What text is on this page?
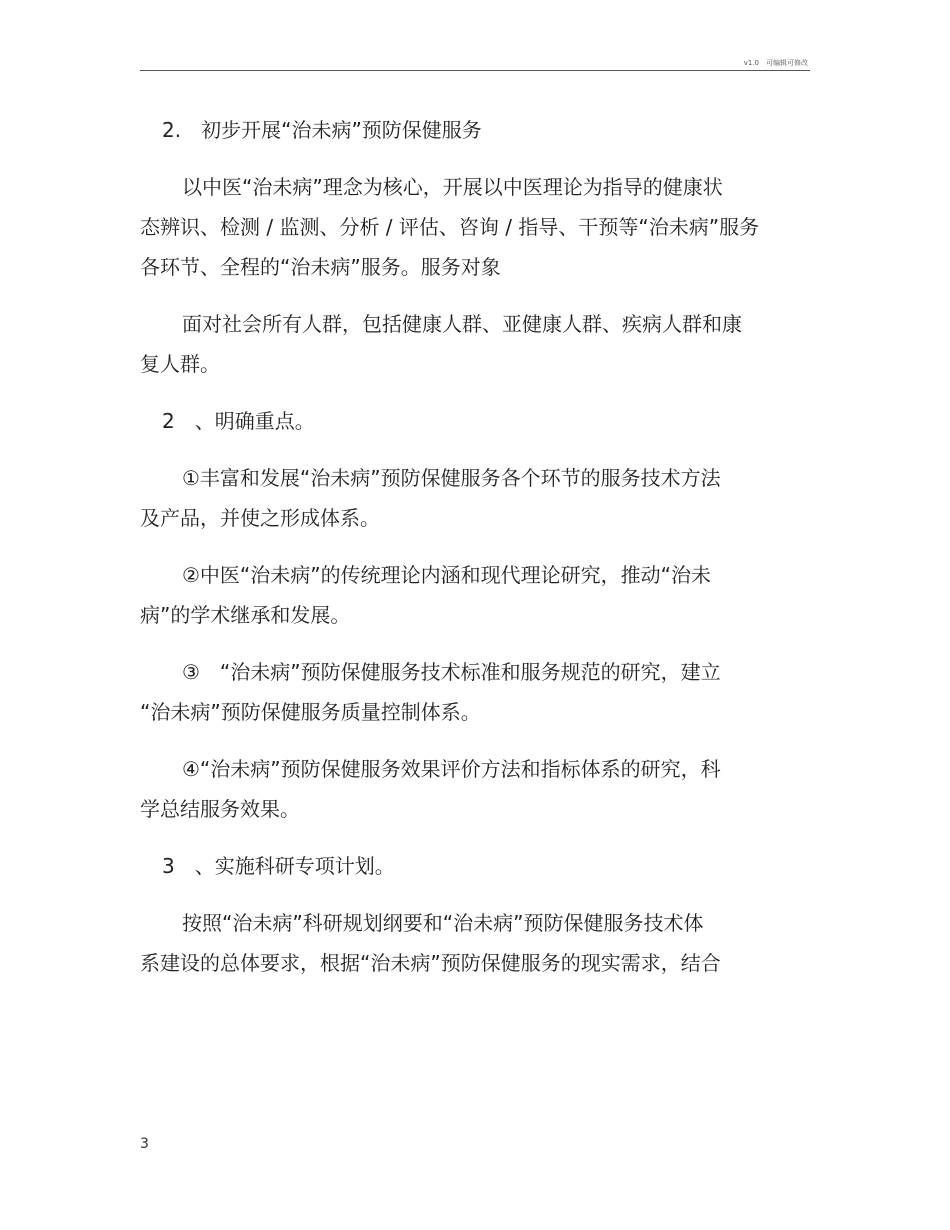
v1.0　可编辑可修改
2.　初步开展“治未病”预防保健服务
以中医“治未病”理念为核心，开展以中医理论为指导的健康状
态辨识、检测 / 监测、分析 / 评估、咨询 / 指导、干预等“治未病”服务
各环节、全程的“治未病”服务。服务对象
面对社会所有人群，包括健康人群、亚健康人群、疾病人群和康
复人群。
2　、明确重点。
①丰富和发展“治未病”预防保健服务各个环节的服务技术方法
及产品，并使之形成体系。
②中医“治未病”的传统理论内涵和现代理论研究，推动“治未
病”的学术继承和发展。
③　“治未病”预防保健服务技术标准和服务规范的研究，建立
“治未病”预防保健服务质量控制体系。
④“治未病”预防保健服务效果评价方法和指标体系的研究，科
学总结服务效果。
3　、实施科研专项计划。
按照“治未病”科研规划纲要和“治未病”预防保健服务技术体
系建设的总体要求，根据“治未病”预防保健服务的现实需求，结合
3
